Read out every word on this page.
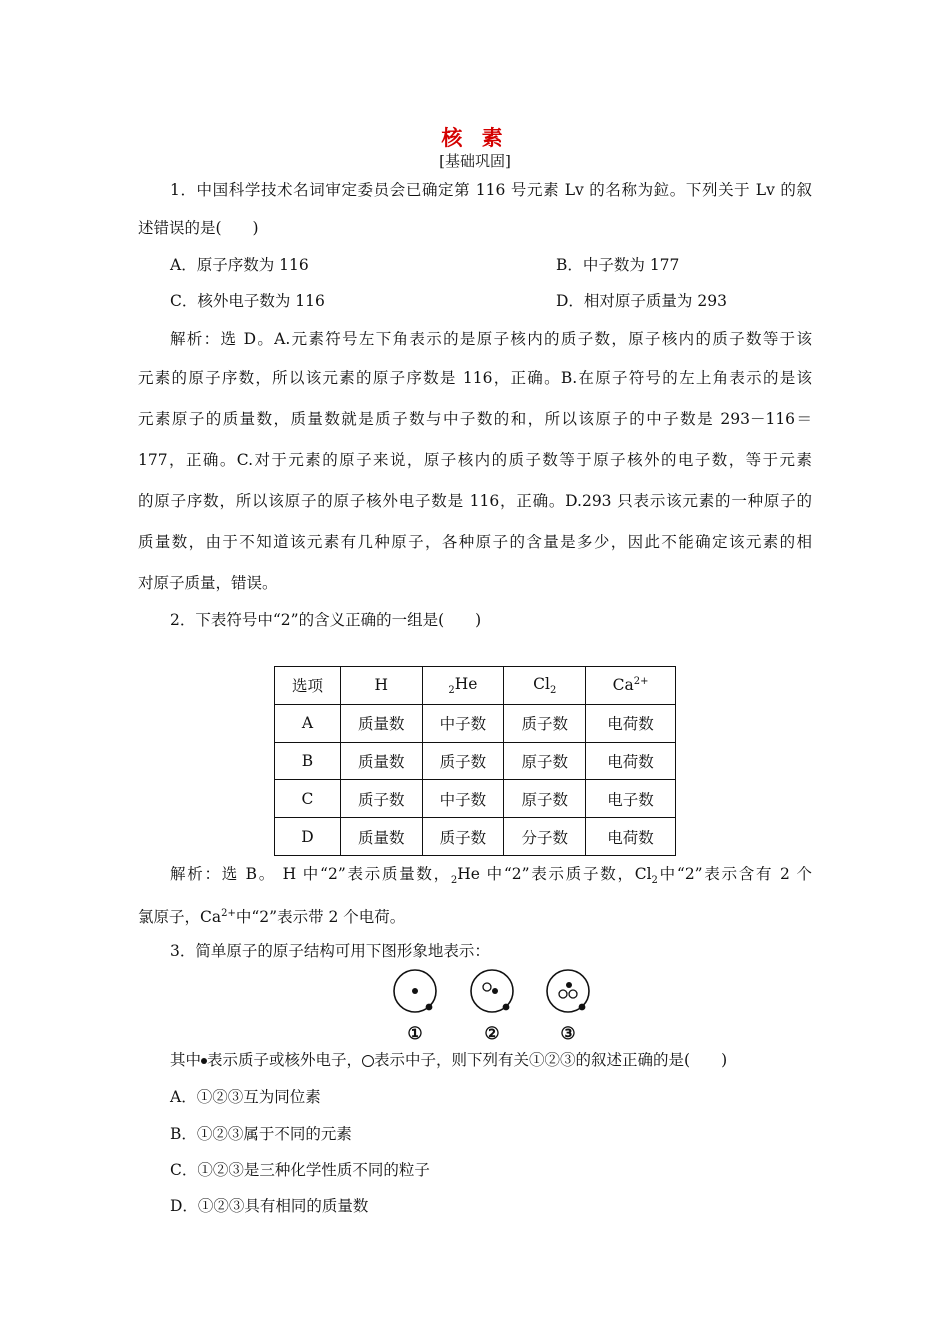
核 素
[基础巩固]
1．中国科学技术名词审定委员会已确定第 116 号元素 Lv 的名称为鉝。下列关于 Lv 的叙
述错误的是(　　)
A．原子序数为 116	B．中子数为 177
C．核外电子数为 116	D．相对原子质量为 293
解析：选 D。A.元素符号左下角表示的是原子核内的质子数，原子核内的质子数等于该
元素的原子序数，所以该元素的原子序数是 116，正确。B.在原子符号的左上角表示的是该
元素原子的质量数，质量数就是质子数与中子数的和，所以该原子的中子数是 293－116＝
177，正确。C.对于元素的原子来说，原子核内的质子数等于原子核外的电子数，等于元素
的原子序数，所以该原子的原子核外电子数是 116，正确。D.293 只表示该元素的一种原子的
质量数，由于不知道该元素有几种原子，各种原子的含量是多少，因此不能确定该元素的相
对原子质量，错误。
2．下表符号中“2”的含义正确的一组是(　　)
选项	H	$_2$He	$Cl_2$	$Ca^{2+}$
A	质量数	中子数	质子数	电荷数
B	质量数	质子数	原子数	电荷数
C	质子数	中子数	原子数	电子数
D	质量数	质子数	分子数	电荷数
解析：选 B。 H 中“2”表示质量数，$_2$He 中“2”表示质子数，$Cl_2$中“2”表示含有 2 个
氯原子，$Ca^{2+}$中“2”表示带 2 个电荷。
3．简单原子的原子结构可用下图形象地表示：
①	②	③
其中 表示质子或核外电子， 表示中子，则下列有关①②③的叙述正确的是(　　)
A．①②③互为同位素
B．①②③属于不同的元素
C．①②③是三种化学性质不同的粒子
D．①②③具有相同的质量数
